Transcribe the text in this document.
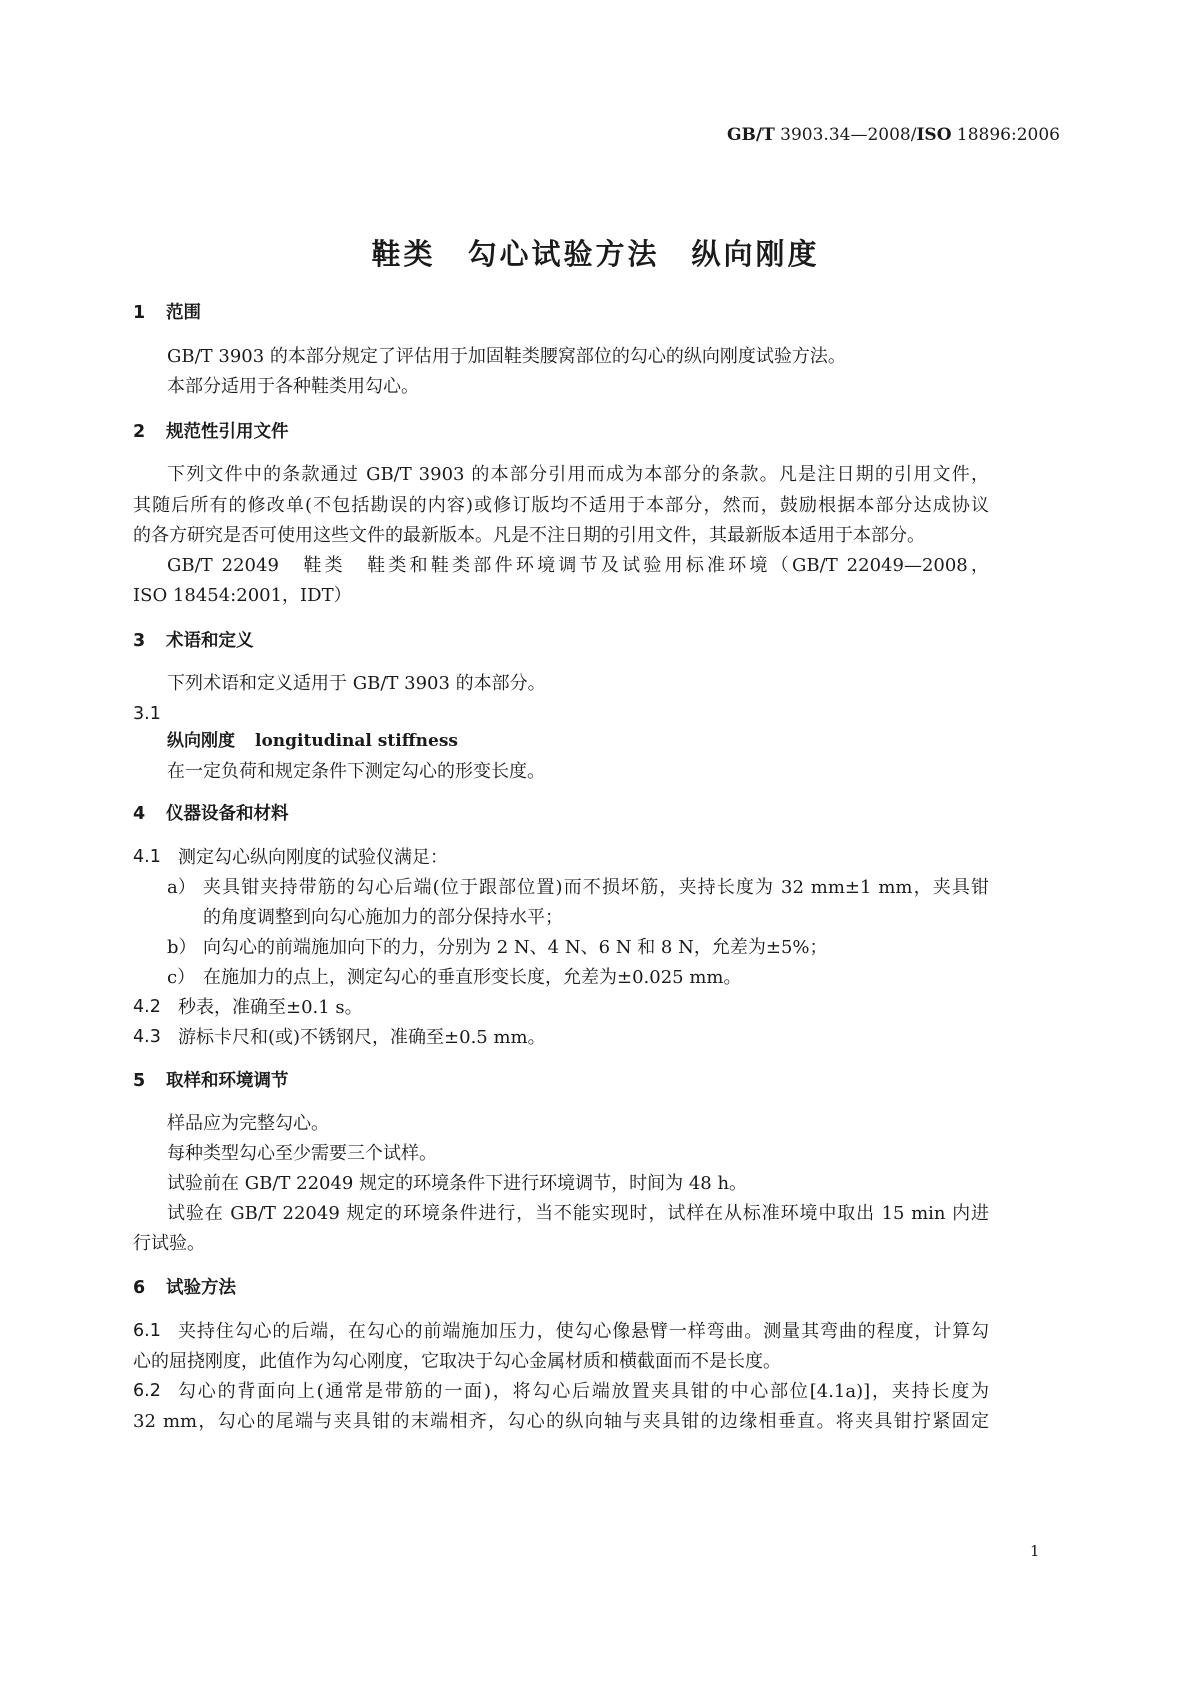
GB/T 3903.34—2008/ISO 18896:2006
鞋类　勾心试验方法　纵向刚度
1 范围
GB/T 3903 的本部分规定了评估用于加固鞋类腰窝部位的勾心的纵向刚度试验方法。
本部分适用于各种鞋类用勾心。
2 规范性引用文件
下列文件中的条款通过 GB/T 3903 的本部分引用而成为本部分的条款。凡是注日期的引用文件，
其随后所有的修改单(不包括勘误的内容)或修订版均不适用于本部分，然而，鼓励根据本部分达成协议
的各方研究是否可使用这些文件的最新版本。凡是不注日期的引用文件，其最新版本适用于本部分。
GB/T 22049　鞋类　鞋类和鞋类部件环境调节及试验用标准环境（GB/T 22049—2008，
ISO 18454:2001，IDT）
3 术语和定义
下列术语和定义适用于 GB/T 3903 的本部分。
3.1
纵向刚度 longitudinal stiffness
在一定负荷和规定条件下测定勾心的形变长度。
4 仪器设备和材料
4.1 测定勾心纵向刚度的试验仪满足：
a） 夹具钳夹持带筋的勾心后端(位于跟部位置)而不损坏筋，夹持长度为 32 mm±1 mm，夹具钳
的角度调整到向勾心施加力的部分保持水平；
b） 向勾心的前端施加向下的力，分别为 2 N、4 N、6 N 和 8 N，允差为±5%；
c） 在施加力的点上，测定勾心的垂直形变长度，允差为±0.025 mm。
4.2 秒表，准确至±0.1 s。
4.3 游标卡尺和(或)不锈钢尺，准确至±0.5 mm。
5 取样和环境调节
样品应为完整勾心。
每种类型勾心至少需要三个试样。
试验前在 GB/T 22049 规定的环境条件下进行环境调节，时间为 48 h。
试验在 GB/T 22049 规定的环境条件进行，当不能实现时，试样在从标准环境中取出 15 min 内进
行试验。
6 试验方法
6.1 夹持住勾心的后端，在勾心的前端施加压力，使勾心像悬臂一样弯曲。测量其弯曲的程度，计算勾
心的屈挠刚度，此值作为勾心刚度，它取决于勾心金属材质和横截面而不是长度。
6.2 勾心的背面向上(通常是带筋的一面)，将勾心后端放置夹具钳的中心部位[4.1a)]，夹持长度为
32 mm，勾心的尾端与夹具钳的末端相齐，勾心的纵向轴与夹具钳的边缘相垂直。将夹具钳拧紧固定
1
